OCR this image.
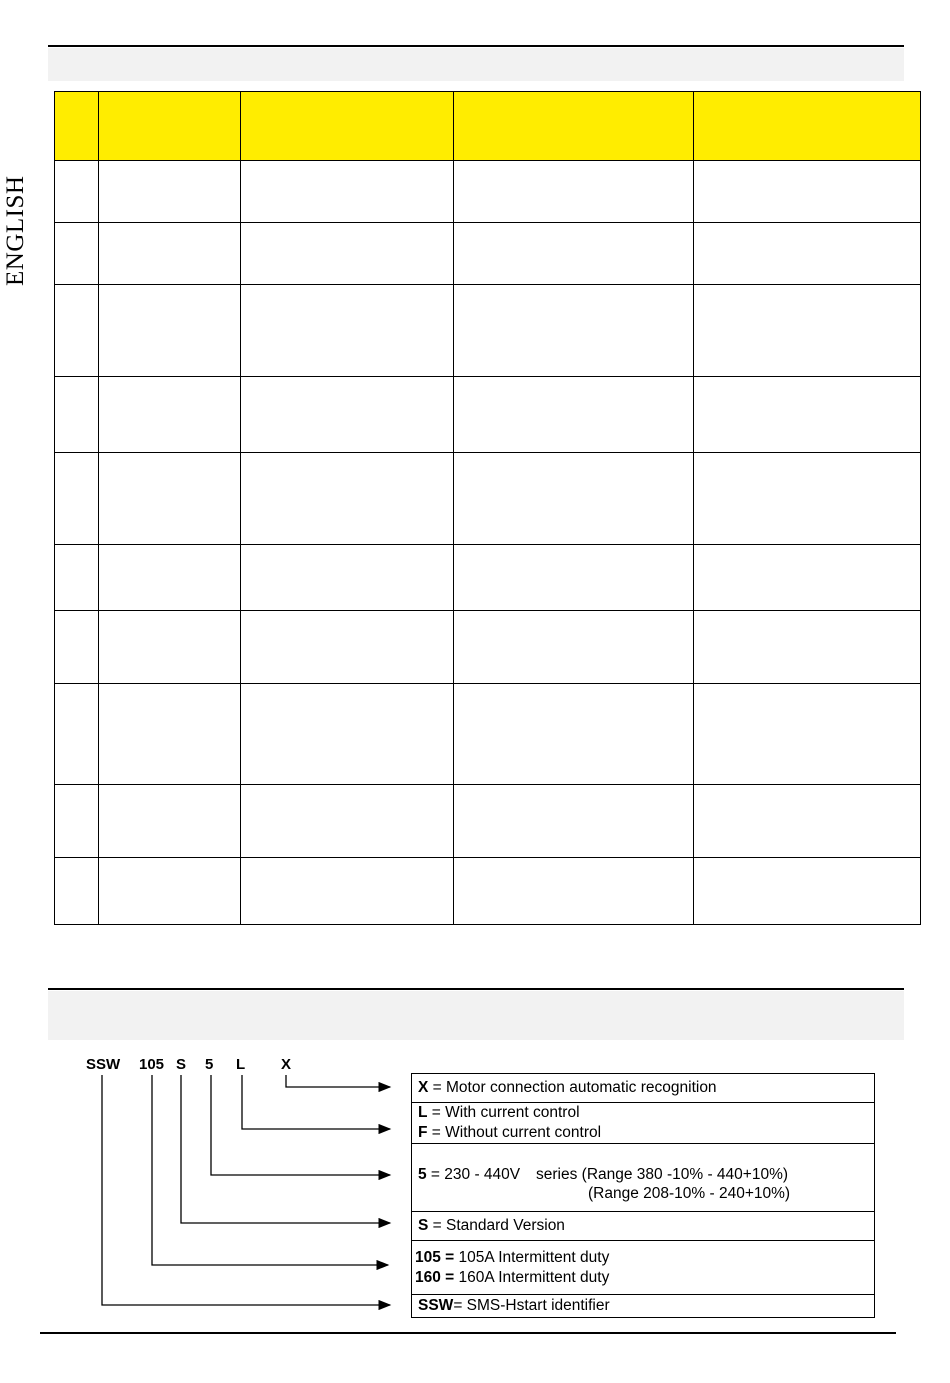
ENGLISH

SSW 105 S 5 L X
X = Motor connection automatic recognition
L = With current control
F = Without current control
5 = 230 - 440V series (Range 380 -10% - 440+10%)
(Range 208-10% - 240+10%)
S = Standard Version
105 = 105A Intermittent duty
160 = 160A Intermittent duty
SSW= SMS-Hstart identifier
